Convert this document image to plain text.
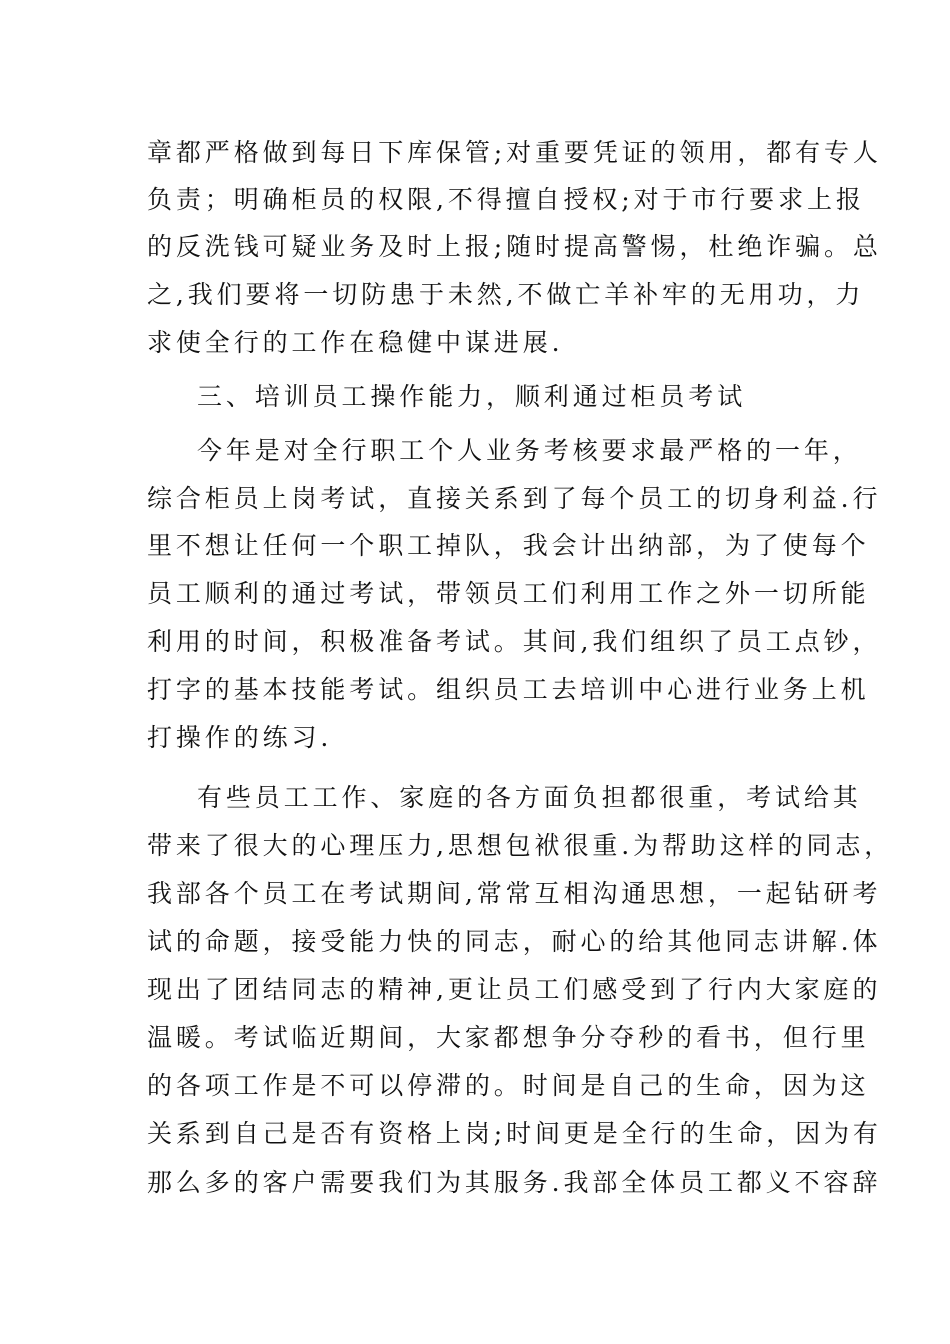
章都严格做到每日下库保管;对重要凭证的领用，都有专人
负责；明确柜员的权限,不得擅自授权;对于市行要求上报
的反洗钱可疑业务及时上报;随时提高警惕，杜绝诈骗。总
之,我们要将一切防患于未然,不做亡羊补牢的无用功，力
求使全行的工作在稳健中谋进展.
三、培训员工操作能力，顺利通过柜员考试
今年是对全行职工个人业务考核要求最严格的一年，
综合柜员上岗考试，直接关系到了每个员工的切身利益.行
里不想让任何一个职工掉队，我会计出纳部，为了使每个
员工顺利的通过考试，带领员工们利用工作之外一切所能
利用的时间，积极准备考试。其间,我们组织了员工点钞，
打字的基本技能考试。组织员工去培训中心进行业务上机
打操作的练习.
有些员工工作、家庭的各方面负担都很重，考试给其
带来了很大的心理压力,思想包袱很重.为帮助这样的同志，
我部各个员工在考试期间,常常互相沟通思想，一起钻研考
试的命题，接受能力快的同志，耐心的给其他同志讲解.体
现出了团结同志的精神,更让员工们感受到了行内大家庭的
温暖。考试临近期间，大家都想争分夺秒的看书，但行里
的各项工作是不可以停滞的。时间是自己的生命，因为这
关系到自己是否有资格上岗;时间更是全行的生命，因为有
那么多的客户需要我们为其服务.我部全体员工都义不容辞
